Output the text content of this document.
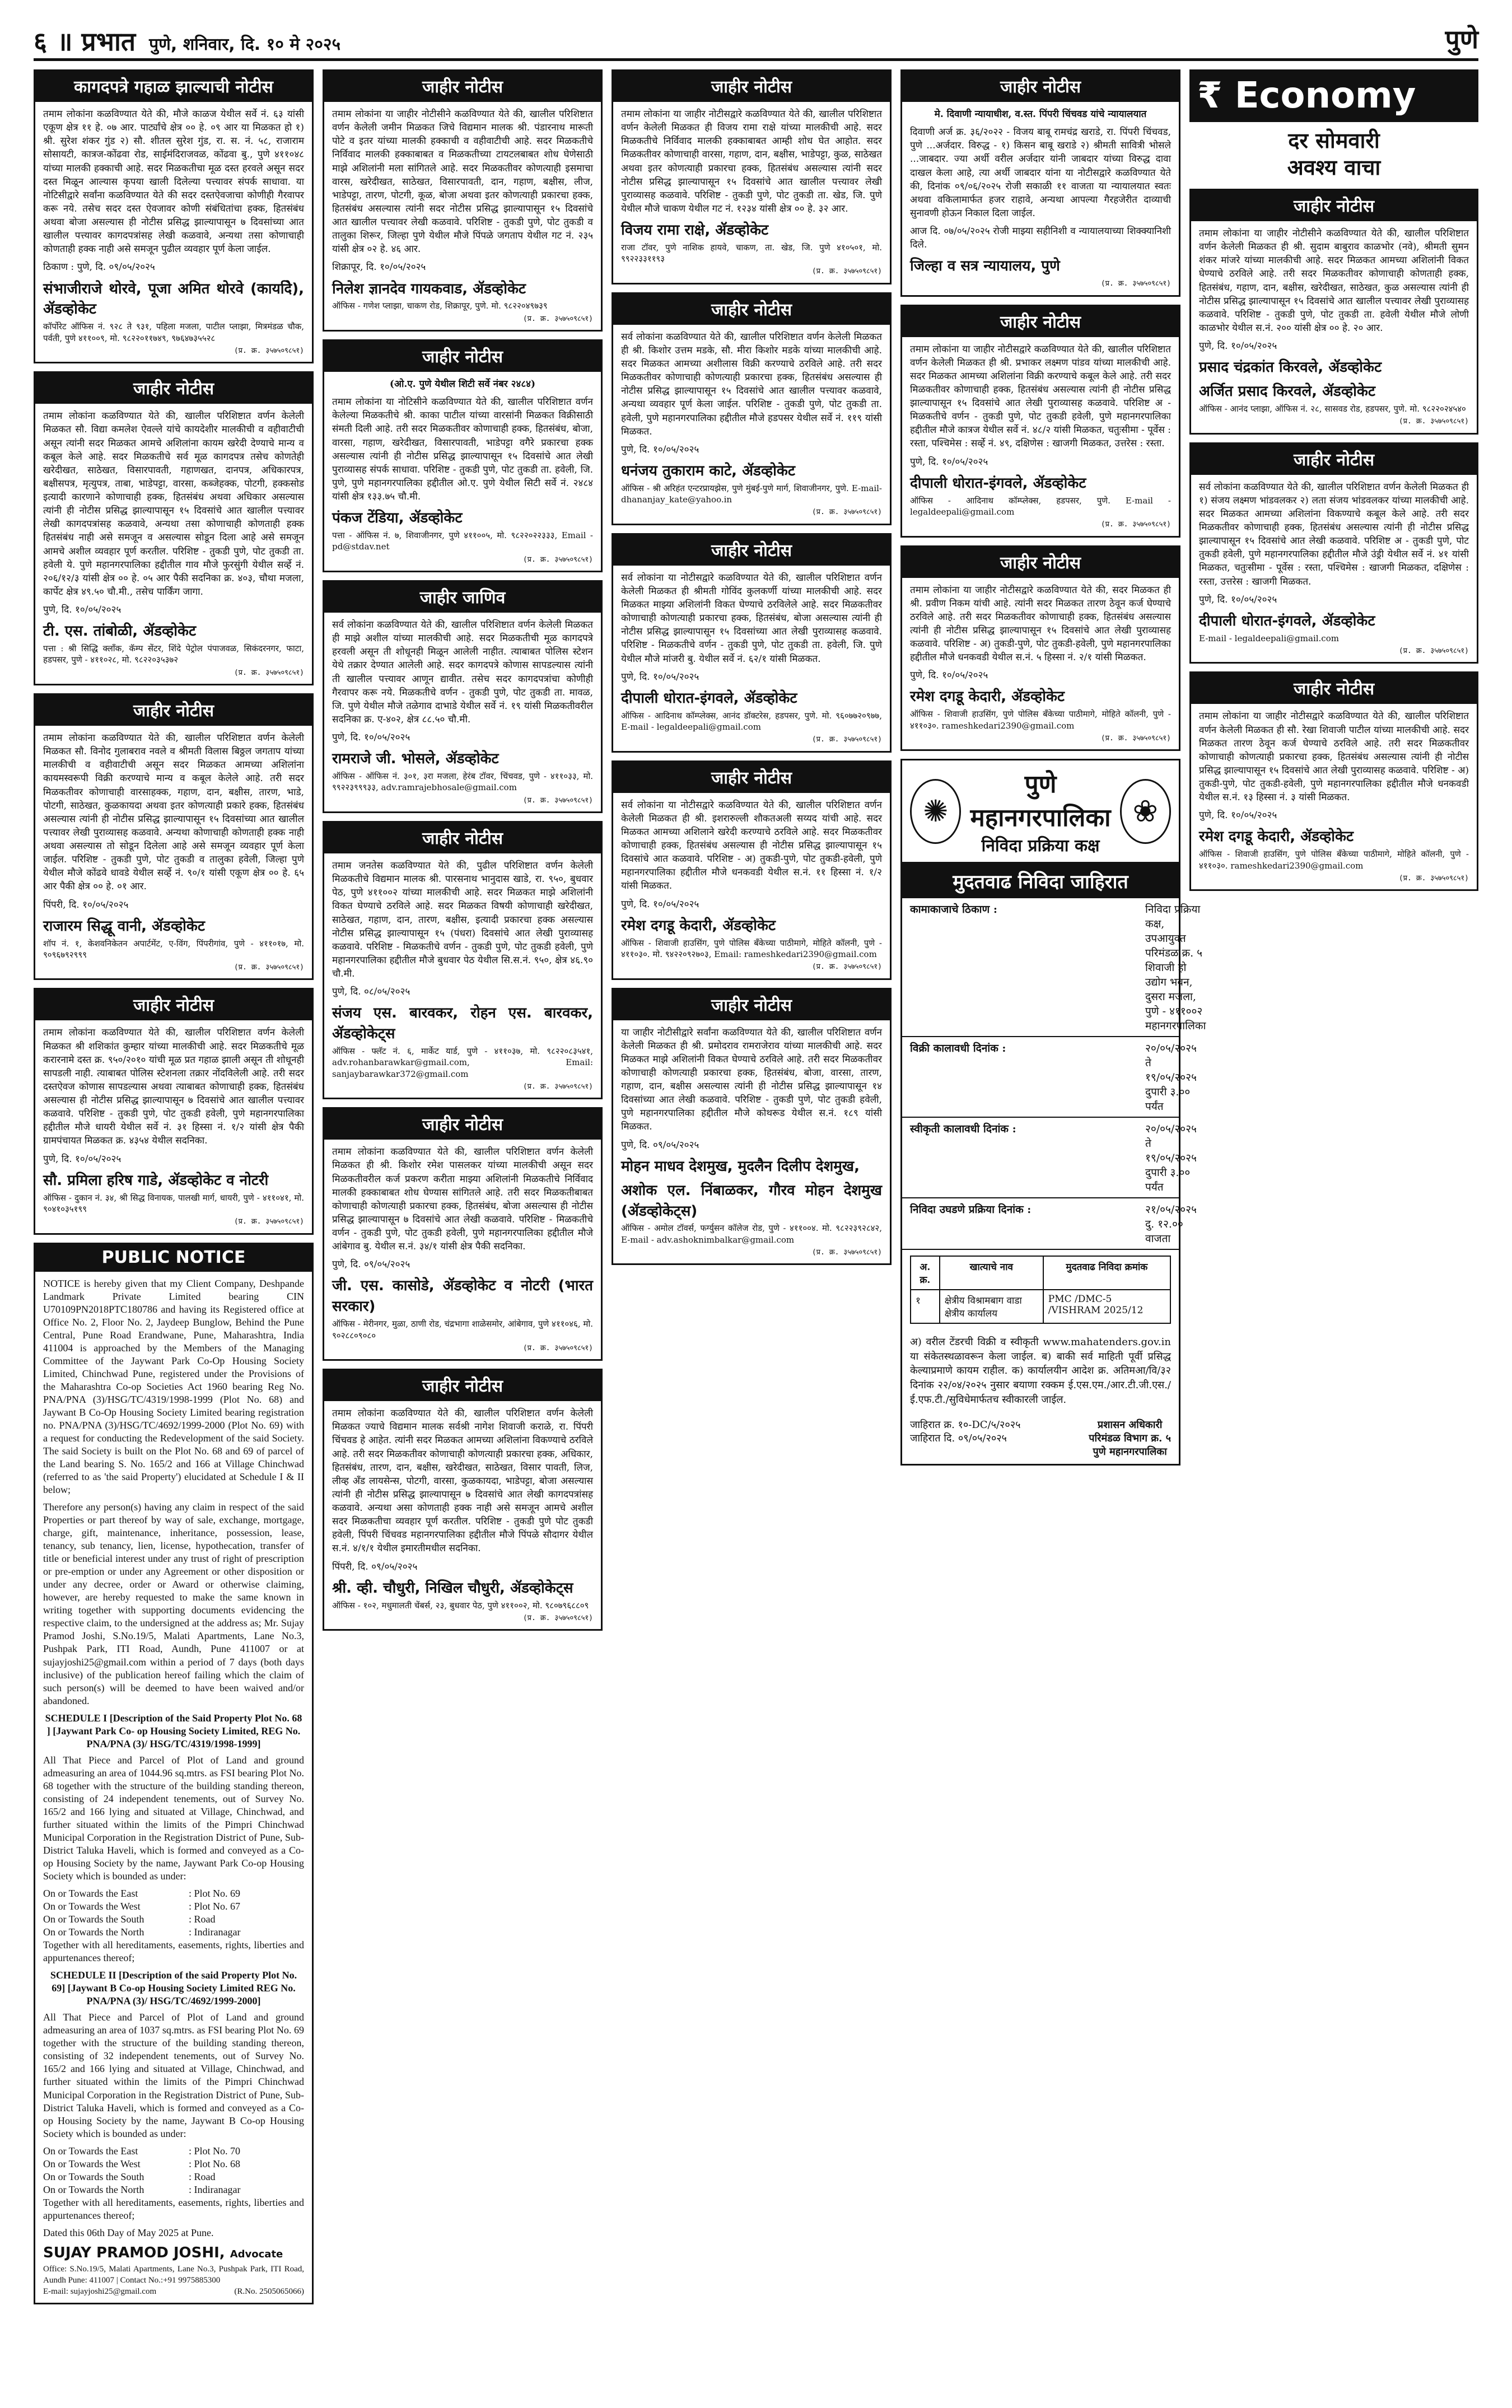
६ ॥ प्रभात पुणे, शनिवार, दि. १० मे २०२५	पुणे
कागदपत्रे गहाळ झाल्याची नोटीस

तमाम लोकांना कळविण्यात येते की, मौजे काळज येथील सर्वे नं. ६३ यांसी एकूण क्षेत्र ११ हे. ०७ आर. पार्ट्यांचे क्षेत्र ०० हे. ०९ आर या मिळकत हो १) श्री. सुरेश शंकर गुंड २) सौ. शीतल सुरेश गुंड, रा. स. नं. ५८, राजाराम सोसायटी, कात्रज-कोंढवा रोड, साईमंदिराजवळ, कोंढवा बु., पुणे ४११०४८ यांच्या मालकी हक्काची आहे. सदर मिळकतीचा मूळ दस्त हरवले असून सदर दस्त मिळून आल्यास कृपया खाली दिलेल्या पत्त्यावर संपर्क साधावा. या नोटिसीद्वारे सर्वांना कळविण्यात येते की सदर दस्तऐवजाचा कोणीही गैरवापर करू नये. तसेच सदर दस्त ऐवजावर कोणी संबंधितांचा हक्क, हितसंबंध अथवा बोजा असल्यास ही नोटीस प्रसिद्ध झाल्यापासून ७ दिवसांच्या आत खालील पत्त्यावर कागदपत्रांसह लेखी कळवावे, अन्यथा तसा कोणाचाही कोणताही हक्क नाही असे समजून पुढील व्यवहार पूर्ण केला जाईल.

ठिकाण : पुणे, दि. ०९/०५/२०२५

संभाजीराजे थोरवे, पूजा अमित थोरवे (कायदेि), ॲडव्होकेट
कॉर्पोरेट ऑफिस नं. ९२८ ते ९३१, पहिला मजला, पाटील प्लाझा, मित्रमंडळ चौक, पर्वती, पुणे ४११००९, मो. ९८२२०११७४९, ९७६४७३५५२८
(प्र. क्र. ३५७५०९८५१)
जाहीर नोटीस

तमाम लोकांना कळविण्यात येते की, खालील परिशिष्टात वर्णन केलेली मिळकत सौ. विद्या कमलेश ऐवल्ले यांचे कायदेशीर मालकीची व वहीवाटीची असून त्यांनी सदर मिळकत आमचे अशिलांना कायम खरेदी देण्याचे मान्य व कबूल केले आहे. सदर मिळकतीचे सर्व मूळ कागदपत्र तसेच कोणतेही खरेदीखत, साठेखत, विसारपावती, गहाणखत, दानपत्र, अधिकारपत्र, बक्षीसपत्र, मृत्युपत्र, ताबा, भाडेपट्टा, वारसा, कब्जेहक्क, पोटगी, हक्कसोड इत्यादी कारणाने कोणाचाही हक्क, हितसंबंध अथवा अधिकार असल्यास त्यांनी ही नोटीस प्रसिद्ध झाल्यापासून १५ दिवसांचे आत खालील पत्त्यावर लेखी कागदपत्रांसह कळवावे, अन्यथा तसा कोणाचाही कोणताही हक्क हितसंबंध नाही असे समजून व असल्यास सोडून दिला आहे असे समजून आमचे अशील व्यवहार पूर्ण करतील. परिशिष्ट - तुकडी पुणे, पोट तुकडी ता. हवेली ये. पुणे महानगरपालिका हद्दीतील गाव मौजे फुरसुंगी येथील सर्व्हे नं. २०६/१२/३ यांसी क्षेत्र ०० हे. ०५ आर पैकी सदनिका क्र. ४०३, चौथा मजला, कार्पेट क्षेत्र ४९.५० चौ.मी., तसेच पार्किंग जागा.

पुणे, दि. १०/०५/२०२५

टी. एस. तांबोळी, ॲडव्होकेट
पत्ता : श्री सिद्धि क्लॉंक, कॅम्प सेंटर, शिंदे पेट्रोल पंपाजवळ, सिकंदरनगर, फाटा, हडपसर, पुणे - ४११०२८, मो. ९८२२०३५३७२
(प्र. क्र. ३५७५०९८५१)
जाहीर नोटीस

तमाम लोकांना कळविण्यात येते की, खालील परिशिष्टात वर्णन केलेली मिळकत सौ. विनोद गुलाबराव नवले व श्रीमती विलास बिठ्ठल जगताप यांच्या मालकीची व वहीवाटीची असून सदर मिळकत आमच्या अशिलांना कायमस्वरूपी विक्री करण्याचे मान्य व कबूल केलेले आहे. तरी सदर मिळकतीवर कोणाचाही वारसाहक्क, गहाण, दान, बक्षीस, तारण, भाडे, पोटगी, साठेखत, कुळकायदा अथवा इतर कोणत्याही प्रकारे हक्क, हितसंबंध असल्यास त्यांनी ही नोटीस प्रसिद्ध झाल्यापासून १५ दिवसांच्या आत खालील पत्त्यावर लेखी पुराव्यासह कळवावे. अन्यथा कोणाचाही कोणताही हक्क नाही अथवा असल्यास तो सोडून दिलेला आहे असे समजून व्यवहार पूर्ण केला जाईल. परिशिष्ट - तुकडी पुणे, पोट तुकडी व तालुका हवेली, जिल्हा पुणे येथील मौजे कोंढवे धावडे येथील सर्व्हे नं. ९०/१ यांसी एकूण क्षेत्र ०० हे. ६५ आर पैकी क्षेत्र ०० हे. ०१ आर.

पिंपरी, दि. १०/०५/२०२५

राजारम सिद्धू वानी, ॲडव्होकेट
शॉप नं. १, केशवनिकेतन अपार्टमेंट, ए-विंग, पिंपरीगांव, पुणे - ४११०१७, मो. ९०९६७९२९९९
(प्र. क्र. ३५७५०९८५१)
जाहीर नोटीस

तमाम लोकांना कळविण्यात येते की, खालील परिशिष्टात वर्णन केलेली मिळकत श्री शशिकांत कुम्हार यांच्या मालकीची आहे. सदर मिळकतीचे मूळ करारनामे दस्त क्र. ९५०/२०१० यांची मूळ प्रत गहाळ झाली असून ती शोधूनही सापडली नाही. त्याबाबत पोलिस स्टेशनला तक्रार नोंदविलेली आहे. तरी सदर दस्तऐवज कोणास सापडल्यास अथवा त्याबाबत कोणाचाही हक्क, हितसंबंध असल्यास ही नोटीस प्रसिद्ध झाल्यापासून ७ दिवसांचे आत खालील पत्त्यावर कळवावे. परिशिष्ट - तुकडी पुणे, पोट तुकडी हवेली, पुणे महानगरपालिका हद्दीतील मौजे धायरी येथील सर्वे नं. ३१ हिस्सा नं. १/२ यांसी क्षेत्र पैकी ग्रामपंचायत मिळकत क्र. ४३५४ येथील सदनिका.

पुणे, दि. १०/०५/२०२५

सौ. प्रमिला हरिष गाडे, ॲडव्होकेट व नोटरी
ऑफिस - दुकान नं. ३४, श्री सिद्ध विनायक, पालखी मार्ग, धायरी, पुणे - ४११०४१, मो. ९०४१०३५१९९
(प्र. क्र. ३५७५०९८५१)
PUBLIC NOTICE

NOTICE is hereby given that my Client Company, Deshpande Landmark Private Limited bearing CIN U70109PN2018PTC180786 and having its Registered office at Office No. 2, Floor No. 2, Jaydeep Bunglow, Behind the Pune Central, Pune Road Erandwane, Pune, Maharashtra, India 411004 is approached by the Members of the Managing Committee of the Jaywant Park Co-Op Housing Society Limited, Chinchwad Pune, registered under the Provisions of the Maharashtra Co-op Societies Act 1960 bearing Reg No. PNA/PNA (3)/HSG/TC/4319/1998-1999 (Plot No. 68) and Jaywant B Co-Op Housing Society Limited bearing registration no. PNA/PNA (3)/HSG/TC/4692/1999-2000 (Plot No. 69) with a request for conducting the Redevelopment of the said Society. The said Society is built on the Plot No. 68 and 69 of parcel of the Land bearing S. No. 165/2 and 166 at Village Chinchwad (referred to as 'the said Property') elucidated at Schedule I & II below;

Therefore any person(s) having any claim in respect of the said Properties or part thereof by way of sale, exchange, mortgage, charge, gift, maintenance, inheritance, possession, lease, tenancy, sub tenancy, lien, license, hypothecation, transfer of title or beneficial interest under any trust of right of prescription or pre-emption or under any Agreement or other disposition or under any decree, order or Award or otherwise claiming, however, are hereby requested to make the same known in writing together with supporting documents evidencing the respective claim, to the undersigned at the address as; Mr. Sujay Pramod Joshi, S.No.19/5, Malati Apartments, Lane No.3, Pushpak Park, ITI Road, Aundh, Pune 411007 or at sujayjoshi25@gmail.com within a period of 7 days (both days inclusive) of the publication hereof failing which the claim of such person(s) will be deemed to have been waived and/or abandoned.

SCHEDULE I [Description of the Said Property Plot No. 68 ] [Jaywant Park Co- op Housing Society Limited, REG No. PNA/PNA (3)/ HSG/TC/4319/1998-1999]

All That Piece and Parcel of Plot of Land and ground admeasuring an area of 1044.96 sq.mtrs. as FSI bearing Plot No. 68 together with the structure of the building standing thereon, consisting of 24 independent tenements, out of Survey No. 165/2 and 166 lying and situated at Village, Chinchwad, and further situated within the limits of the Pimpri Chinchwad Municipal Corporation in the Registration District of Pune, Sub-District Taluka Haveli, which is formed and conveyed as a Co-op Housing Society by the name, Jaywant Park Co-op Housing Society which is bounded as under:

On or Towards the East	: Plot No. 69
On or Towards the West	: Plot No. 67
On or Towards the South	: Road
On or Towards the North	: Indiranagar

Together with all hereditaments, easements, rights, liberties and appurtenances thereof;

SCHEDULE II [Description of the said Property Plot No. 69] [Jaywant B Co-op Housing Society Limited REG No. PNA/PNA (3)/ HSG/TC/4692/1999-2000]

All That Piece and Parcel of Plot of Land and ground admeasuring an area of 1037 sq.mtrs. as FSI bearing Plot No. 69 together with the structure of the building standing thereon, consisting of 32 independent tenements, out of Survey No. 165/2 and 166 lying and situated at Village, Chinchwad, and further situated within the limits of the Pimpri Chinchwad Municipal Corporation in the Registration District of Pune, Sub-District Taluka Haveli, which is formed and conveyed as a Co-op Housing Society by the name, Jaywant B Co-op Housing Society which is bounded as under:

On or Towards the East	: Plot No. 70
On or Towards the West	: Plot No. 68
On or Towards the South	: Road
On or Towards the North	: Indiranagar

Together with all hereditaments, easements, rights, liberties and appurtenances thereof;

Dated this 06th Day of May 2025 at Pune.

SUJAY PRAMOD JOSHI, Advocate
Office: S.No.19/5, Malati Apartments, Lane No.3, Pushpak Park, ITI Road, Aundh Pune: 411007 | Contact No.:+91 9975885300
E-mail: sujayjoshi25@gmail.com	(R.No. 2505065066)
जाहीर नोटीस

तमाम लोकांना या जाहीर नोटीसीने कळविण्यात येते की, खालील परिशिष्टात वर्णन केलेली जमीन मिळकत जिचे विद्यमान मालक श्री. पंडारनाथ मारूती पोटे व इतर यांच्या मालकी हक्काची व वहीवाटीची आहे. सदर मिळकतीचे निर्विवाद मालकी हक्काबाबत व मिळकतीच्या टायटलबाबत शोध घेणेसाठी माझे अशिलांनी मला सांगितले आहे. सदर मिळकतीवर कोणत्याही इसमाचा वारस, खरेदीखत, साठेखत, विसारपावती, दान, गहाण, बक्षीस, लीज, भाडेपट्टा, तारण, पोटगी, कूळ, बोजा अथवा इतर कोणत्याही प्रकारचा हक्क, हितसंबंध असल्यास त्यांनी सदर नोटीस प्रसिद्ध झाल्यापासून १५ दिवसांचे आत खालील पत्त्यावर लेखी कळवावे. परिशिष्ट - तुकडी पुणे, पोट तुकडी व तालुका शिरूर, जिल्हा पुणे येथील मौजे पिंपळे जगताप येथील गट नं. २३५ यांसी क्षेत्र ०२ हे. ४६ आर.

शिक्रापूर, दि. १०/०५/२०२५

निलेश ज्ञानदेव गायकवाड, ॲडव्होकेट
ऑफिस - गणेश प्लाझा, चाकण रोड, शिक्रापूर, पुणे. मो. ९८२२०४९७३९
(प्र. क्र. ३५७५०९८५१)
जाहीर नोटीस

(ओ.ए. पुणे येथील शिटी सर्वे नंबर २४८४)

तमाम लोकांना या नोटिसीने कळविण्यात येते की, खालील परिशिष्टात वर्णन केलेल्या मिळकतीचे श्री. काका पाटील यांच्या वारसांनी मिळकत विक्रीसाठी संमती दिली आहे. तरी सदर मिळकतीवर कोणाचाही हक्क, हितसंबंध, बोजा, वारसा, गहाण, खरेदीखत, विसारपावती, भाडेपट्टा वगैरे प्रकारचा हक्क असल्यास त्यांनी ही नोटीस प्रसिद्ध झाल्यापासून १५ दिवसांचे आत लेखी पुराव्यासह संपर्क साधावा. परिशिष्ट - तुकडी पुणे, पोट तुकडी ता. हवेली, जि. पुणे, पुणे महानगरपालिका हद्दीतील ओ.ए. पुणे येथील सिटी सर्वे नं. २४८४ यांसी क्षेत्र १३३.७५ चौ.मी.

पंकज टेंडिया, ॲडव्होकेट
पत्ता - ऑफिस नं. ७, शिवाजीनगर, पुणे ४११००५, मो. ९८२२०२२३३३, Email - pd@stdav.net
(प्र. क्र. ३५७५०९८५१)
जाहीर जाणिव

सर्व लोकांना कळविण्यात येते की, खालील परिशिष्टात वर्णन केलेली मिळकत ही माझे अशील यांच्या मालकीची आहे. सदर मिळकतीची मूळ कागदपत्रे हरवली असून ती शोधूनही मिळून आलेली नाहीत. त्याबाबत पोलिस स्टेशन येथे तक्रार देण्यात आलेली आहे. सदर कागदपत्रे कोणास सापडल्यास त्यांनी ती खालील पत्त्यावर आणून द्यावीत. तसेच सदर कागदपत्रांचा कोणीही गैरवापर करू नये. मिळकतीचे वर्णन - तुकडी पुणे, पोट तुकडी ता. मावळ, जि. पुणे येथील मौजे तळेगाव दाभाडे येथील सर्वे नं. १९ यांसी मिळकतीवरील सदनिका क्र. ए-४०२, क्षेत्र ८८.५० चौ.मी.

पुणे, दि. १०/०५/२०२५

रामराजे जी. भोसले, ॲडव्होकेट
ऑफिस - ऑफिस नं. ३०१, ३रा मजला, हेरंब टॉवर, चिंचवड, पुणे - ४११०३३, मो. ९९२२३९९९३३, adv.ramrajebhosale@gmail.com
(प्र. क्र. ३५७५०९८५१)
जाहीर नोटीस

तमाम जनतेस कळविण्यात येते की, पुढील परिशिष्टात वर्णन केलेली मिळकतीचे विद्यमान मालक श्री. पारसनाथ भानुदास खाडे, रा. ९५०, बुधवार पेठ, पुणे ४११००२ यांच्या मालकीची आहे. सदर मिळकत माझे अशिलांनी विकत घेण्याचे ठरविले आहे. सदर मिळकत विषयी कोणाचाही खरेदीखत, साठेखत, गहाण, दान, तारण, बक्षीस, इत्यादी प्रकारचा हक्क असल्यास नोटीस प्रसिद्ध झाल्यापासून १५ (पंधरा) दिवसांचे आत लेखी पुराव्यासह कळवावे. परिशिष्ट - मिळकतीचे वर्णन - तुकडी पुणे, पोट तुकडी हवेली, पुणे महानगरपालिका हद्दीतील मौजे बुधवार पेठ येथील सि.स.नं. ९५०, क्षेत्र ४६.९० चौ.मी.

पुणे, दि. ०८/०५/२०२५

संजय एस. बारवकर, रोहन एस. बारवकर, ॲडव्होकेट्स
ऑफिस - फ्लॅट नं. ६, मार्केट यार्ड, पुणे - ४११०३७, मो. ९८२२०८३५४१, adv.rohanbarawkar@gmail.com, Email: sanjaybarawkar372@gmail.com
(प्र. क्र. ३५७५०९८५१)
जाहीर नोटीस

तमाम लोकांना कळविण्यात येते की, खालील परिशिष्टात वर्णन केलेली मिळकत ही श्री. किशोर रमेश पासलकर यांच्या मालकीची असून सदर मिळकतीवरील कर्ज प्रकरण करीता माझ्या अशिलांनी मिळकतीचे निर्विवाद मालकी हक्काबाबत शोध घेण्यास सांगितले आहे. तरी सदर मिळकतीबाबत कोणाचाही कोणत्याही प्रकारचा हक्क, हितसंबंध, बोजा असल्यास ही नोटीस प्रसिद्ध झाल्यापासून ७ दिवसांचे आत लेखी कळवावे. परिशिष्ट - मिळकतीचे वर्णन - तुकडी पुणे, पोट तुकडी हवेली, पुणे महानगरपालिका हद्दीतील मौजे आंबेगाव बु. येथील स.नं. ३४/१ यांसी क्षेत्र पैकी सदनिका.

पुणे, दि. ०९/०५/२०२५

जी. एस. कासोडे, ॲडव्होकेट व नोटरी (भारत सरकार)
ऑफिस - मेरीनगर, मुळा, ठाणी रोड, चंद्रभागा शाळेसमोर, आंबेगाव, पुणे ४११०४६, मो. ९०२८८०९०८०
(प्र. क्र. ३५७५०९८५१)
जाहीर नोटीस

तमाम लोकांना कळविण्यात येते की, खालील परिशिष्टात वर्णन केलेली मिळकत ज्याचे विद्यमान मालक सर्वश्री नागेश शिवाजी कराळे, रा. पिंपरी चिंचवड हे आहेत. त्यांनी सदर मिळकत आमच्या अशिलांना विकण्याचे ठरविले आहे. तरी सदर मिळकतीवर कोणाचाही कोणत्याही प्रकारचा हक्क, अधिकार, हितसंबंध, तारण, दान, बक्षीस, खरेदीखत, साठेखत, विसार पावती, लिज, लीव्ह अँड लायसेन्स, पोटगी, वारसा, कुळकायदा, भाडेपट्टा, बोजा असल्यास त्यांनी ही नोटीस प्रसिद्ध झाल्यापासून ७ दिवसांचे आत लेखी कागदपत्रांसह कळवावे. अन्यथा असा कोणताही हक्क नाही असे समजून आमचे अशील सदर मिळकतीचा व्यवहार पूर्ण करतील. परिशिष्ट - तुकडी पुणे पोट तुकडी हवेली, पिंपरी चिंचवड महानगरपालिका हद्दीतील मौजे पिंपळे सौदागर येथील स.नं. ४/१/१ येथील इमारतीमधील सदनिका.

पिंपरी, दि. ०९/०५/२०२५

श्री. व्ही. चौधुरी, निखिल चौधुरी, ॲडव्होकेट्स
ऑफिस - १०२, मधुमालती चेंबर्स, २३, बुधवार पेठ, पुणे ४११००२, मो. ९८०७९६८८०९
(प्र. क्र. ३५७५०९८५१)
जाहीर नोटीस

तमाम लोकांना या जाहीर नोटीसद्वारे कळविण्यात येते की, खालील परिशिष्टात वर्णन केलेली मिळकत ही विजय रामा राक्षे यांच्या मालकीची आहे. सदर मिळकतीचे निर्विवाद मालकी हक्काबाबत आम्ही शोध घेत आहोत. सदर मिळकतीवर कोणाचाही वारसा, गहाण, दान, बक्षीस, भाडेपट्टा, कुळ, साठेखत अथवा इतर कोणत्याही प्रकारचा हक्क, हितसंबंध असल्यास त्यांनी सदर नोटीस प्रसिद्ध झाल्यापासून १५ दिवसांचे आत खालील पत्त्यावर लेखी पुराव्यासह कळवावे. परिशिष्ट - तुकडी पुणे, पोट तुकडी ता. खेड, जि. पुणे येथील मौजे चाकण येथील गट नं. १२३४ यांसी क्षेत्र ०० हे. ३२ आर.

विजय रामा राक्षे, ॲडव्होकेट
राजा टॉवर, पुणे नाशिक हायवे, चाकण, ता. खेड, जि. पुणे ४१०५०१, मो. ९९२२३३११९३
(प्र. क्र. ३५७५०९८५१)
जाहीर नोटीस

सर्व लोकांना कळविण्यात येते की, खालील परिशिष्टात वर्णन केलेली मिळकत ही श्री. किशोर उत्तम मडके, सौ. मीरा किशोर मडके यांच्या मालकीची आहे. सदर मिळकत आमच्या अशीलास विक्री करण्याचे ठरविले आहे. तरी सदर मिळकतीवर कोणाचाही कोणत्याही प्रकारचा हक्क, हितसंबंध असल्यास ही नोटीस प्रसिद्ध झाल्यापासून १५ दिवसांचे आत खालील पत्त्यावर कळवावे, अन्यथा व्यवहार पूर्ण केला जाईल. परिशिष्ट - तुकडी पुणे, पोट तुकडी ता. हवेली, पुणे महानगरपालिका हद्दीतील मौजे हडपसर येथील सर्वे नं. ११९ यांसी मिळकत.

पुणे, दि. १०/०५/२०२५

धनंजय तुकाराम काटे, ॲडव्होकेट
ऑफिस - श्री अरिहंत एन्टरप्रायझेस, पुणे मुंबई-पुणे मार्ग, शिवाजीनगर, पुणे. E-mail- dhananjay_kate@yahoo.in
(प्र. क्र. ३५७५०९८५१)
जाहीर नोटीस

सर्व लोकांना या नोटीसद्वारे कळविण्यात येते की, खालील परिशिष्टात वर्णन केलेली मिळकत ही श्रीमती गोविंद कुलकर्णी यांच्या मालकीची आहे. सदर मिळकत माझ्या अशिलांनी विकत घेण्याचे ठरविलेले आहे. सदर मिळकतीवर कोणाचाही कोणत्याही प्रकारचा हक्क, हितसंबंध, बोजा असल्यास त्यांनी ही नोटीस प्रसिद्ध झाल्यापासून १५ दिवसांच्या आत लेखी पुराव्यासह कळवावे. परिशिष्ट - मिळकतीचे वर्णन - तुकडी पुणे, पोट तुकडी ता. हवेली, जि. पुणे येथील मौजे मांजरी बु. येथील सर्वे नं. ६२/१ यांसी मिळकत.

पुणे, दि. १०/०५/२०२५

दीपाली धोरात-इंगवले, ॲडव्होकेट
ऑफिस - आदिनाथ कॉम्प्लेक्स, आनंद डॉक्टरेस, हडपसर, पुणे. मो. ९६०७७२०९७७, E-mail - legaldeepali@gmail.com
(प्र. क्र. ३५७५०९८५१)
जाहीर नोटीस

सर्व लोकांना या नोटीसद्वारे कळविण्यात येते की, खालील परिशिष्टात वर्णन केलेली मिळकत ही श्री. इशरारुल्ली शौकतअली सय्यद यांची आहे. सदर मिळकत आमच्या अशिलाने खरेदी करण्याचे ठरविले आहे. सदर मिळकतीवर कोणाचाही हक्क, हितसंबंध असल्यास ही नोटीस प्रसिद्ध झाल्यापासून १५ दिवसांचे आत कळवावे. परिशिष्ट - अ) तुकडी-पुणे, पोट तुकडी-हवेली, पुणे महानगरपालिका हद्दीतील मौजे धनकवडी येथील स.नं. ११ हिस्सा नं. १/२ यांसी मिळकत.

पुणे, दि. १०/०५/२०२५

रमेश दगडू केदारी, ॲडव्होकेट
ऑफिस - शिवाजी हाउसिंग, पुणे पोलिस बँकेच्या पाठीमागे, मोहिते कॉलनी, पुणे - ४११०३०. मो. ९४२२०९२७०३, Email: rameshkedari2390@gmail.com
(प्र. क्र. ३५७५०९८५१)
जाहीर नोटीस

या जाहीर नोटीसीद्वारे सर्वांना कळविण्यात येते की, खालील परिशिष्टात वर्णन केलेली मिळकत ही श्री. प्रमोदराव रामराजेराव यांच्या मालकीची आहे. सदर मिळकत माझे अशिलांनी विकत घेण्याचे ठरविले आहे. तरी सदर मिळकतीवर कोणाचाही कोणत्याही प्रकारचा हक्क, हितसंबंध, बोजा, वारसा, तारण, गहाण, दान, बक्षीस असल्यास त्यांनी ही नोटीस प्रसिद्ध झाल्यापासून १४ दिवसांच्या आत लेखी कळवावे. परिशिष्ट - तुकडी पुणे, पोट तुकडी हवेली, पुणे महानगरपालिका हद्दीतील मौजे कोथरूड येथील स.नं. १८९ यांसी मिळकत.

पुणे, दि. ०९/०५/२०२५

मोहन माधव देशमुख, मुदलैन दिलीप देशमुख,
अशोक एल. निंबाळकर, गौरव मोहन देशमुख (ॲडव्होकेट्स)
ऑफिस - अमोल टॉवर्स, फर्ग्युसन कॉलेज रोड, पुणे - ४११००४. मो. ९८२२३९२८४२, E-mail - adv.ashoknimbalkar@gmail.com
(प्र. क्र. ३५७५०९८५१)
जाहीर नोटीस

मे. दिवाणी न्यायाधीश, व.स्त. पिंपरी चिंचवड यांचे न्यायालयात

दिवाणी अर्ज क्र. ३६/२०२२ - विजय बाबू रामचंद्र खराडे, रा. पिंपरी चिंचवड, पुणे ...अर्जदार. विरुद्ध - १) किसन बाबू खराडे २) श्रीमती सावित्री भोसले ...जाबदार. ज्या अर्थी वरील अर्जदार यांनी जाबदार यांच्या विरुद्ध दावा दाखल केला आहे, त्या अर्थी जाबदार यांना या नोटीसद्वारे कळविण्यात येते की, दिनांक ०९/०६/२०२५ रोजी सकाळी ११ वाजता या न्यायालयात स्वतः अथवा वकिलामार्फत हजर राहावे, अन्यथा आपल्या गैरहजेरीत दाव्याची सुनावणी होऊन निकाल दिला जाईल.

आज दि. ०७/०५/२०२५ रोजी माझ्या सहीनिशी व न्यायालयाच्या शिक्क्यानिशी दिले.

जिल्हा व सत्र न्यायालय, पुणे
(प्र. क्र. ३५७५०९८५१)
जाहीर नोटीस

तमाम लोकांना या जाहीर नोटीसद्वारे कळविण्यात येते की, खालील परिशिष्टात वर्णन केलेली मिळकत ही श्री. प्रभाकर लक्ष्मण पांडव यांच्या मालकीची आहे. सदर मिळकत आमच्या अशिलांना विक्री करण्याचे कबूल केले आहे. तरी सदर मिळकतीवर कोणाचाही हक्क, हितसंबंध असल्यास त्यांनी ही नोटीस प्रसिद्ध झाल्यापासून १५ दिवसांचे आत लेखी पुराव्यासह कळवावे. परिशिष्ट अ - मिळकतीचे वर्णन - तुकडी पुणे, पोट तुकडी हवेली, पुणे महानगरपालिका हद्दीतील मौजे कात्रज येथील सर्वे नं. ४८/२ यांसी मिळकत, चतुःसीमा - पूर्वेस : रस्ता, पश्चिमेस : सर्व्हे नं. ४९, दक्षिणेस : खाजगी मिळकत, उत्तरेस : रस्ता.

पुणे, दि. १०/०५/२०२५

दीपाली धोरात-इंगवले, ॲडव्होकेट
ऑफिस - आदिनाथ कॉम्प्लेक्स, हडपसर, पुणे. E-mail - legaldeepali@gmail.com
(प्र. क्र. ३५७५०९८५१)
जाहीर नोटीस

तमाम लोकांना या जाहीर नोटीसद्वारे कळविण्यात येते की, सदर मिळकत ही श्री. प्रवीण निकम यांची आहे. त्यांनी सदर मिळकत तारण ठेवून कर्ज घेण्याचे ठरविले आहे. तरी सदर मिळकतीवर कोणाचाही हक्क, हितसंबंध असल्यास त्यांनी ही नोटीस प्रसिद्ध झाल्यापासून १५ दिवसांचे आत लेखी पुराव्यासह कळवावे. परिशिष्ट - अ) तुकडी-पुणे, पोट तुकडी-हवेली, पुणे महानगरपालिका हद्दीतील मौजे धनकवडी येथील स.नं. ५ हिस्सा नं. २/१ यांसी मिळकत.

पुणे, दि. १०/०५/२०२५

रमेश दगडू केदारी, ॲडव्होकेट
ऑफिस - शिवाजी हाउसिंग, पुणे पोलिस बँकेच्या पाठीमागे, मोहिते कॉलनी, पुणे - ४११०३०. rameshkedari2390@gmail.com
(प्र. क्र. ३५७५०९८५१)
✺
पुणे महानगरपालिका
निविदा प्रक्रिया कक्ष
❀
मुदतवाढ निविदा जाहिरात
कामाकाजाचे ठिकाण :	निविदा प्रक्रिया कक्ष, उपआयुक्त परिमंडळ क्र. ५ शिवाजी हो उद्योग भवन, दुसरा मजला, पुणे - ४११००२ महानगरपालिका
विक्री कालावधी दिनांक :	२०/०५/२०२५ ते १९/०५/२०२५ दुपारी ३.०० पर्यंत
स्वीकृती कालावधी दिनांक :	२०/०५/२०२५ ते १९/०५/२०२५ दुपारी ३.०० पर्यंत
निविदा उघडणे प्रक्रिया दिनांक :	२१/०५/२०२५ दु. १२.०० वाजता
अ. क्र.	खात्याचे नाव	मुदतवाढ निविदा क्रमांक
१	क्षेत्रीय विश्रामबाग वाडा क्षेत्रीय कार्यालय	PMC /DMC-5 /VISHRAM 2025/12
अ) वरील टेंडरची विक्री व स्वीकृती www.mahatenders.gov.in या संकेतस्थळावरून केला जाईल. ब) बाकी सर्व माहिती पूर्वी प्रसिद्ध केल्याप्रमाणे कायम राहील. क) कार्यालयीन आदेश क्र. अतिमआ/वि/३२ दिनांक २२/०४/२०२५ नुसार बयाणा रक्कम ई.एस.एम./आर.टी.जी.एस./ई.एफ.टी./सुविधेमार्फतच स्वीकारली जाईल.
जाहिरात क्र. १०-DC/५/२०२५
जाहिरात दि. ०९/०५/२०२५
प्रशासन अधिकारी
परिमंडळ विभाग क्र. ५
पुणे महानगरपालिका
₹ Economy
दर सोमवारी
अवश्य वाचा
जाहीर नोटीस

तमाम लोकांना या जाहीर नोटीसीने कळविण्यात येते की, खालील परिशिष्टात वर्णन केलेली मिळकत ही श्री. सुदाम बाबुराव काळभोर (नवे), श्रीमती सुमन शंकर मांजरे यांच्या मालकीची आहे. सदर मिळकत आमच्या अशिलांनी विकत घेण्याचे ठरविले आहे. तरी सदर मिळकतीवर कोणाचाही कोणताही हक्क, हितसंबंध, गहाण, दान, बक्षीस, खरेदीखत, साठेखत, कुळ असल्यास त्यांनी ही नोटीस प्रसिद्ध झाल्यापासून १५ दिवसांचे आत खालील पत्त्यावर लेखी पुराव्यासह कळवावे. परिशिष्ट - तुकडी पुणे, पोट तुकडी ता. हवेली येथील मौजे लोणी काळभोर येथील स.नं. २०० यांसी क्षेत्र ०० हे. २० आर.

पुणे, दि. १०/०५/२०२५

प्रसाद चंद्रकांत किरवले, ॲडव्होकेट
अर्जित प्रसाद किरवले, ॲडव्होकेट
ऑफिस - आनंद प्लाझा, ऑफिस नं. २८, सासवड रोड, हडपसर, पुणे. मो. ९८२२०२४५४०
(प्र. क्र. ३५७५०९८५१)
जाहीर नोटीस

सर्व लोकांना कळविण्यात येते की, खालील परिशिष्टात वर्णन केलेली मिळकत ही १) संजय लक्ष्मण भांडवलकर २) लता संजय भांडवलकर यांच्या मालकीची आहे. सदर मिळकत आमच्या अशिलांना विकण्याचे कबूल केले आहे. तरी सदर मिळकतीवर कोणाचाही हक्क, हितसंबंध असल्यास त्यांनी ही नोटीस प्रसिद्ध झाल्यापासून १५ दिवसांचे आत लेखी कळवावे. परिशिष्ट अ - तुकडी पुणे, पोट तुकडी हवेली, पुणे महानगरपालिका हद्दीतील मौजे उंड्री येथील सर्वे नं. ४१ यांसी मिळकत, चतुःसीमा - पूर्वेस : रस्ता, पश्चिमेस : खाजगी मिळकत, दक्षिणेस : रस्ता, उत्तरेस : खाजगी मिळकत.

पुणे, दि. १०/०५/२०२५

दीपाली धोरात-इंगवले, ॲडव्होकेट
E-mail - legaldeepali@gmail.com
(प्र. क्र. ३५७५०९८५१)
जाहीर नोटीस

तमाम लोकांना या जाहीर नोटीसद्वारे कळविण्यात येते की, खालील परिशिष्टात वर्णन केलेली मिळकत ही सौ. रेखा शिवाजी पाटील यांच्या मालकीची आहे. सदर मिळकत तारण ठेवून कर्ज घेण्याचे ठरविले आहे. तरी सदर मिळकतीवर कोणाचाही कोणत्याही प्रकारचा हक्क, हितसंबंध असल्यास त्यांनी ही नोटीस प्रसिद्ध झाल्यापासून १५ दिवसांचे आत लेखी पुराव्यासह कळवावे. परिशिष्ट - अ) तुकडी-पुणे, पोट तुकडी-हवेली, पुणे महानगरपालिका हद्दीतील मौजे धनकवडी येथील स.नं. १३ हिस्सा नं. ३ यांसी मिळकत.

पुणे, दि. १०/०५/२०२५

रमेश दगडू केदारी, ॲडव्होकेट
ऑफिस - शिवाजी हाउसिंग, पुणे पोलिस बँकेच्या पाठीमागे, मोहिते कॉलनी, पुणे - ४११०३०. rameshkedari2390@gmail.com
(प्र. क्र. ३५७५०९८५१)
